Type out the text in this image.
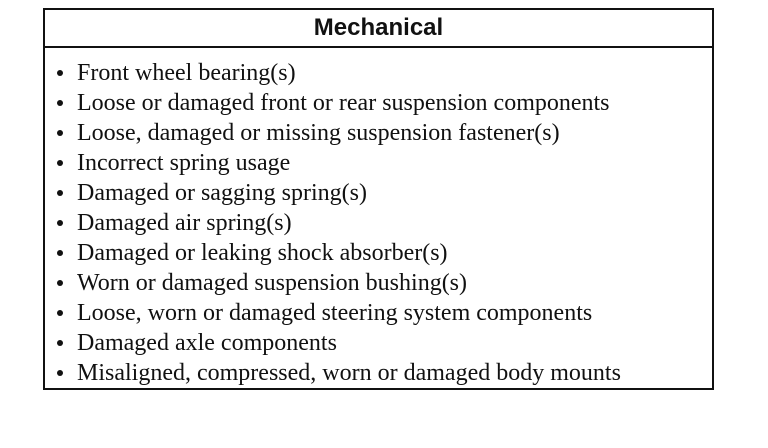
Mechanical
Front wheel bearing(s)
Loose or damaged front or rear suspension components
Loose, damaged or missing suspension fastener(s)
Incorrect spring usage
Damaged or sagging spring(s)
Damaged air spring(s)
Damaged or leaking shock absorber(s)
Worn or damaged suspension bushing(s)
Loose, worn or damaged steering system components
Damaged axle components
Misaligned, compressed, worn or damaged body mounts
